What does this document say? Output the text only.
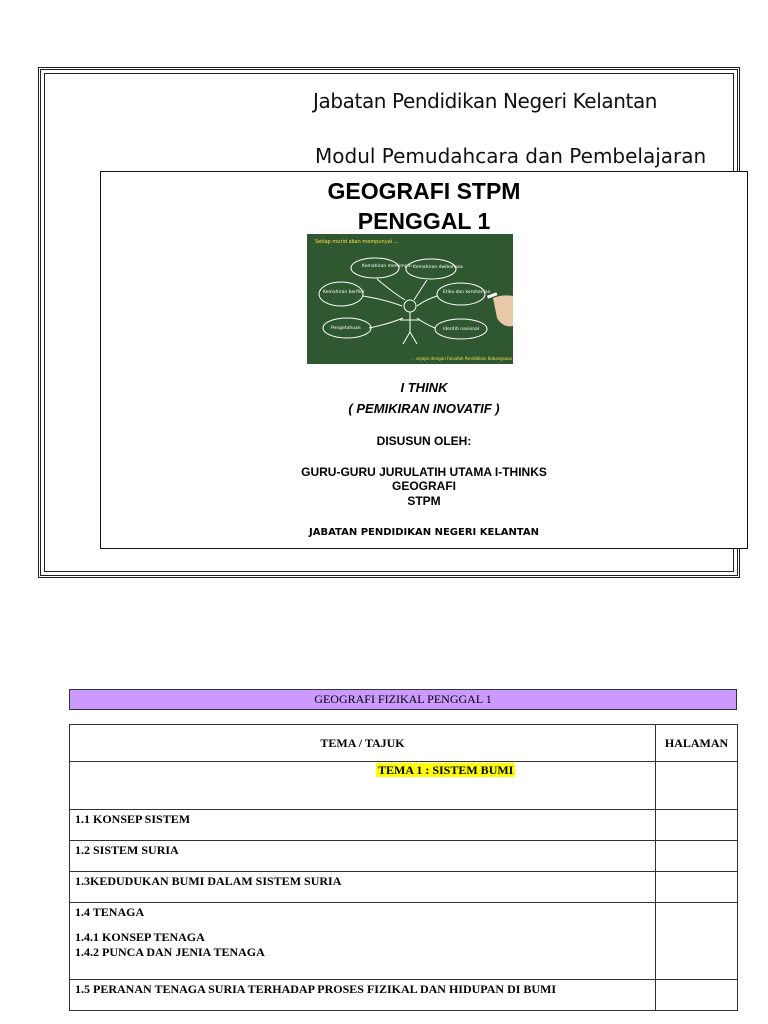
Jabatan Pendidikan Negeri Kelantan
Modul Pemudahcara dan Pembelajaran
GEOGRAFI STPM
PENGGAL 1
Setiap murid akan mempunyai ...
Kemahiran memimpin Kemahiran dwibahasa
Kemahiran berfikir	Etika dan kerohanian
Pengetahuan	Identiti nasional
... sejajar dengan Falsafah Pendidikan Kebangsaan
I THINK
( PEMIKIRAN INOVATIF )
DISUSUN OLEH:
GURU-GURU JURULATIH UTAMA I-THINKS
GEOGRAFI
STPM
JABATAN PENDIDIKAN NEGERI KELANTAN
GEOGRAFI FIZIKAL PENGGAL 1
TEMA / TAJUK	HALAMAN

TEMA 1 : SISTEM BUMI	

1.1 KONSEP SISTEM	

1.2 SISTEM SURIA	

1.3KEDUDUKAN BUMI DALAM SISTEM SURIA	

1.4 TENAGA
1.4.1 KONSEP TENAGA
1.4.2 PUNCA DAN JENIA TENAGA	

1.5 PERANAN TENAGA SURIA TERHADAP PROSES FIZIKAL DAN HIDUPAN DI BUMI	
